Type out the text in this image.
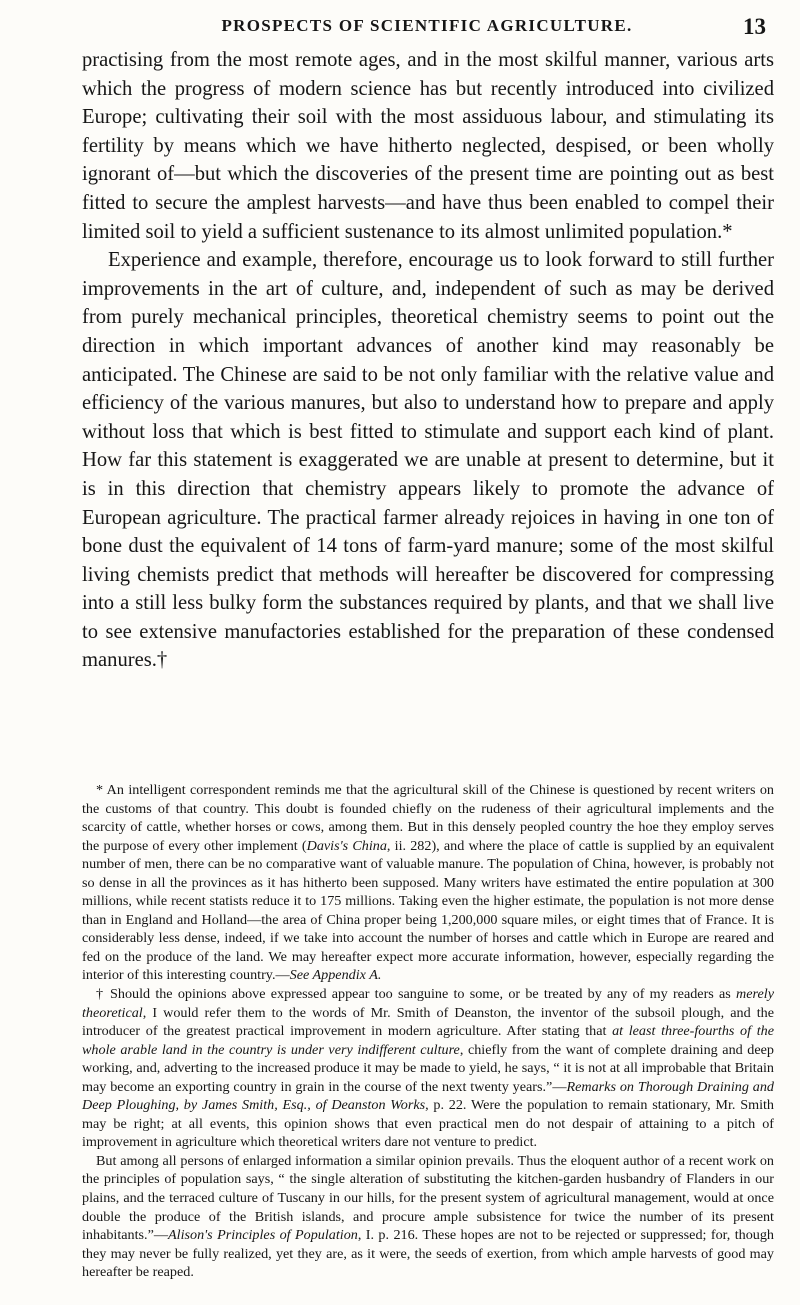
PROSPECTS OF SCIENTIFIC AGRICULTURE.	13

practising from the most remote ages, and in the most skilful manner, various arts which the progress of modern science has but recently introduced into civilized Europe; cultivating their soil with the most assiduous labour, and stimulating its fertility by means which we have hitherto neglected, despised, or been wholly ignorant of—but which the discoveries of the present time are pointing out as best fitted to secure the amplest harvests—and have thus been enabled to compel their limited soil to yield a sufficient sustenance to its almost unlimited population.*

Experience and example, therefore, encourage us to look forward to still further improvements in the art of culture, and, independent of such as may be derived from purely mechanical principles, theoretical chemistry seems to point out the direction in which important advances of another kind may reasonably be anticipated. The Chinese are said to be not only familiar with the relative value and efficiency of the various manures, but also to understand how to prepare and apply without loss that which is best fitted to stimulate and support each kind of plant. How far this statement is exaggerated we are unable at present to determine, but it is in this direction that chemistry appears likely to promote the advance of European agriculture. The practical farmer already rejoices in having in one ton of bone dust the equivalent of 14 tons of farm-yard manure; some of the most skilful living chemists predict that methods will hereafter be discovered for compressing into a still less bulky form the substances required by plants, and that we shall live to see extensive manufactories established for the preparation of these condensed manures.†

* An intelligent correspondent reminds me that the agricultural skill of the Chinese is questioned by recent writers on the customs of that country. This doubt is founded chiefly on the rudeness of their agricultural implements and the scarcity of cattle, whether horses or cows, among them. But in this densely peopled country the hoe they employ serves the purpose of every other implement (Davis's China, ii. 282), and where the place of cattle is supplied by an equivalent number of men, there can be no comparative want of valuable manure. The population of China, however, is probably not so dense in all the provinces as it has hitherto been supposed. Many writers have estimated the entire population at 300 millions, while recent statists reduce it to 175 millions. Taking even the higher estimate, the population is not more dense than in England and Holland—the area of China proper being 1,200,000 square miles, or eight times that of France. It is considerably less dense, indeed, if we take into account the number of horses and cattle which in Europe are reared and fed on the produce of the land. We may hereafter expect more accurate information, however, especially regarding the interior of this interesting country.—See Appendix A.

† Should the opinions above expressed appear too sanguine to some, or be treated by any of my readers as merely theoretical, I would refer them to the words of Mr. Smith of Deanston, the inventor of the subsoil plough, and the introducer of the greatest practical improvement in modern agriculture. After stating that at least three-fourths of the whole arable land in the country is under very indifferent culture, chiefly from the want of complete draining and deep working, and, adverting to the increased produce it may be made to yield, he says, “ it is not at all improbable that Britain may become an exporting country in grain in the course of the next twenty years.”—Remarks on Thorough Draining and Deep Ploughing, by James Smith, Esq., of Deanston Works, p. 22. Were the population to remain stationary, Mr. Smith may be right; at all events, this opinion shows that even practical men do not despair of attaining to a pitch of improvement in agriculture which theoretical writers dare not venture to predict.

But among all persons of enlarged information a similar opinion prevails. Thus the eloquent author of a recent work on the principles of population says, “ the single alteration of substituting the kitchen-garden husbandry of Flanders in our plains, and the terraced culture of Tuscany in our hills, for the present system of agricultural management, would at once double the produce of the British islands, and procure ample subsistence for twice the number of its present inhabitants.”—Alison's Principles of Population, I. p. 216. These hopes are not to be rejected or suppressed; for, though they may never be fully realized, yet they are, as it were, the seeds of exertion, from which ample harvests of good may hereafter be reaped.
